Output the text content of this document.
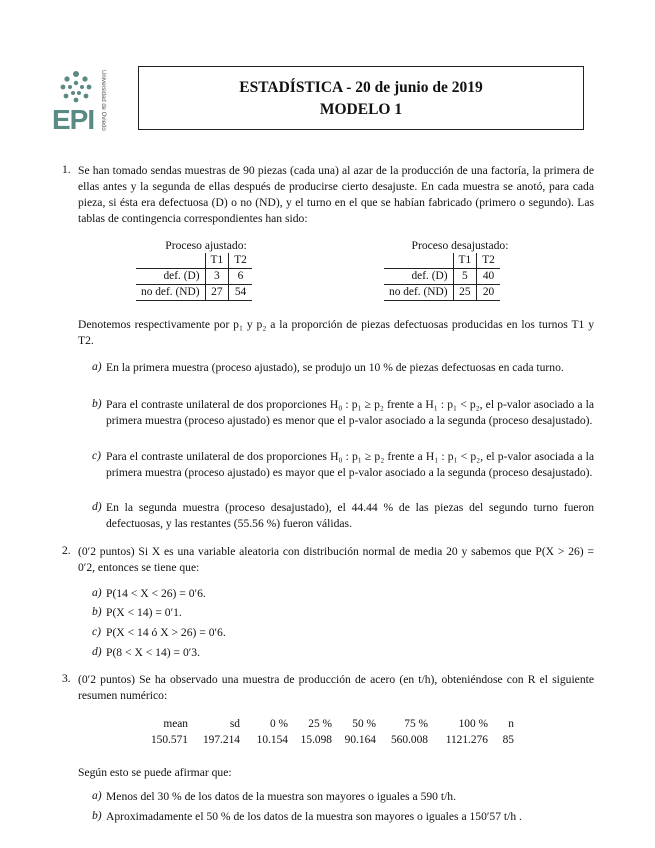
EPI Universidad de Oviedo	ESTADÍSTICA - 20 de junio de 2019
MODELO 1
1. Se han tomado sendas muestras de 90 piezas (cada una) al azar de la producción de una factoría, la primera de ellas antes y la segunda de ellas después de producirse cierto desajuste. En cada muestra se anotó, para cada pieza, si ésta era defectuosa (D) o no (ND), y el turno en el que se habían fabricado (primero o segundo). Las tablas de contingencia correspondientes han sido:

Proceso ajustado:
	T1	T2
def. (D)	3	6
no def. (ND)	27	54
Proceso desajustado:
	T1	T2
def. (D)	5	40
no def. (ND)	25	20

Denotemos respectivamente por p₁ y p₂ a la proporción de piezas defectuosas producidas en los turnos T1 y T2.

a) En la primera muestra (proceso ajustado), se produjo un 10 % de piezas defectuosas en cada turno.
b) Para el contraste unilateral de dos proporciones H₀ : p₁ ≥ p₂ frente a H₁ : p₁ < p₂, el p-valor asociado a la primera muestra (proceso ajustado) es menor que el p-valor asociado a la segunda (proceso desajustado).
c) Para el contraste unilateral de dos proporciones H₀ : p₁ ≥ p₂ frente a H₁ : p₁ < p₂, el p-valor asociada a la primera muestra (proceso ajustado) es mayor que el p-valor asociado a la segunda (proceso desajustado).
d) En la segunda muestra (proceso desajustado), el 44.44 % de las piezas del segundo turno fueron defectuosas, y las restantes (55.56 %) fueron válidas.
2. (0′2 puntos) Si X es una variable aleatoria con distribución normal de media 20 y sabemos que P(X > 26) = 0′2, entonces se tiene que:

a) P(14 < X < 26) = 0′6.
b) P(X < 14) = 0′1.
c) P(X < 14 ó X > 26) = 0′6.
d) P(8 < X < 14) = 0′3.
3. (0′2 puntos) Se ha observado una muestra de producción de acero (en t/h), obteniéndose con R el siguiente resumen numérico:

mean	sd	0 %	25 %	50 %	75 %	100 %	n
150.571	197.214	10.154	15.098	90.164	560.008	1121.276	85

Según esto se puede afirmar que:

a) Menos del 30 % de los datos de la muestra son mayores o iguales a 590 t/h.
b) Aproximadamente el 50 % de los datos de la muestra son mayores o iguales a 150′57 t/h .
